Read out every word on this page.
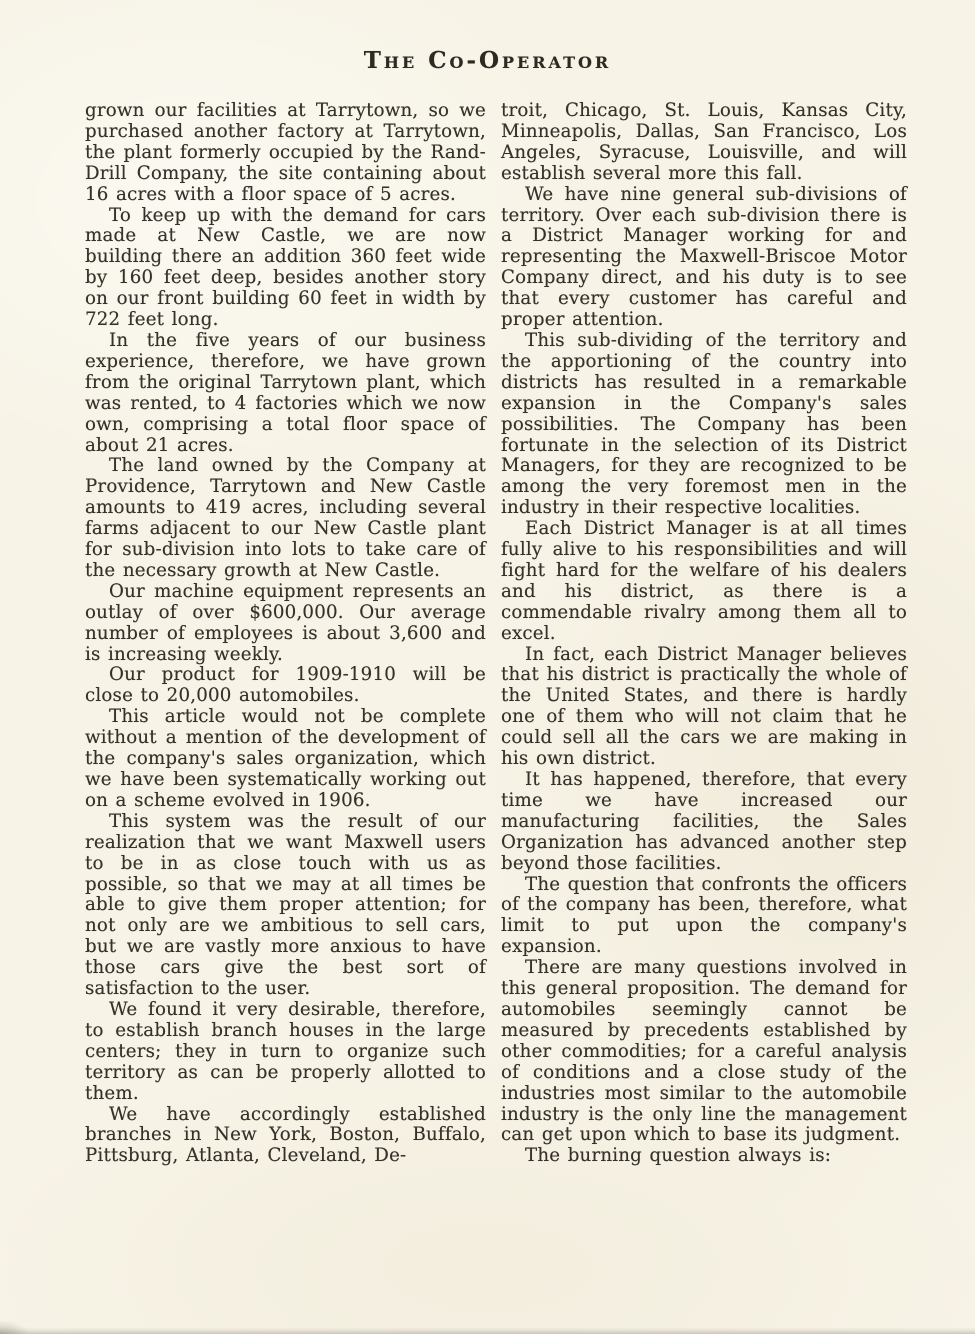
The Co-Operator

grown our facilities at Tarrytown, so we purchased another factory at Tarrytown, the plant formerly occupied by the Rand-Drill Company, the site containing about 16 acres with a floor space of 5 acres.

To keep up with the demand for cars made at New Castle, we are now building there an addition 360 feet wide by 160 feet deep, besides another story on our front building 60 feet in width by 722 feet long.

In the five years of our business experience, therefore, we have grown from the original Tarrytown plant, which was rented, to 4 factories which we now own, comprising a total floor space of about 21 acres.

The land owned by the Company at Providence, Tarrytown and New Castle amounts to 419 acres, including several farms adjacent to our New Castle plant for sub-division into lots to take care of the necessary growth at New Castle.

Our machine equipment represents an outlay of over $600,000. Our average number of employees is about 3,600 and is increasing weekly.

Our product for 1909-1910 will be close to 20,000 automobiles.

This article would not be complete without a mention of the development of the company's sales organization, which we have been systematically working out on a scheme evolved in 1906.

This system was the result of our realization that we want Maxwell users to be in as close touch with us as possible, so that we may at all times be able to give them proper attention; for not only are we ambitious to sell cars, but we are vastly more anxious to have those cars give the best sort of satisfaction to the user.

We found it very desirable, therefore, to establish branch houses in the large centers; they in turn to organize such territory as can be properly allotted to them.

We have accordingly established branches in New York, Boston, Buffalo, Pittsburg, Atlanta, Cleveland, De-

troit, Chicago, St. Louis, Kansas City, Minneapolis, Dallas, San Francisco, Los Angeles, Syracuse, Louisville, and will establish several more this fall.

We have nine general sub-divisions of territory. Over each sub-division there is a District Manager working for and representing the Maxwell-Briscoe Motor Company direct, and his duty is to see that every customer has careful and proper attention.

This sub-dividing of the territory and the apportioning of the country into districts has resulted in a remarkable expansion in the Company's sales possibilities. The Company has been fortunate in the selection of its District Managers, for they are recognized to be among the very foremost men in the industry in their respective localities.

Each District Manager is at all times fully alive to his responsibilities and will fight hard for the welfare of his dealers and his district, as there is a commendable rivalry among them all to excel.

In fact, each District Manager believes that his district is practically the whole of the United States, and there is hardly one of them who will not claim that he could sell all the cars we are making in his own district.

It has happened, therefore, that every time we have increased our manufacturing facilities, the Sales Organization has advanced another step beyond those facilities.

The question that confronts the officers of the company has been, therefore, what limit to put upon the company's expansion.

There are many questions involved in this general proposition. The demand for automobiles seemingly cannot be measured by precedents established by other commodities; for a careful analysis of conditions and a close study of the industries most similar to the automobile industry is the only line the management can get upon which to base its judgment.

The burning question always is:
